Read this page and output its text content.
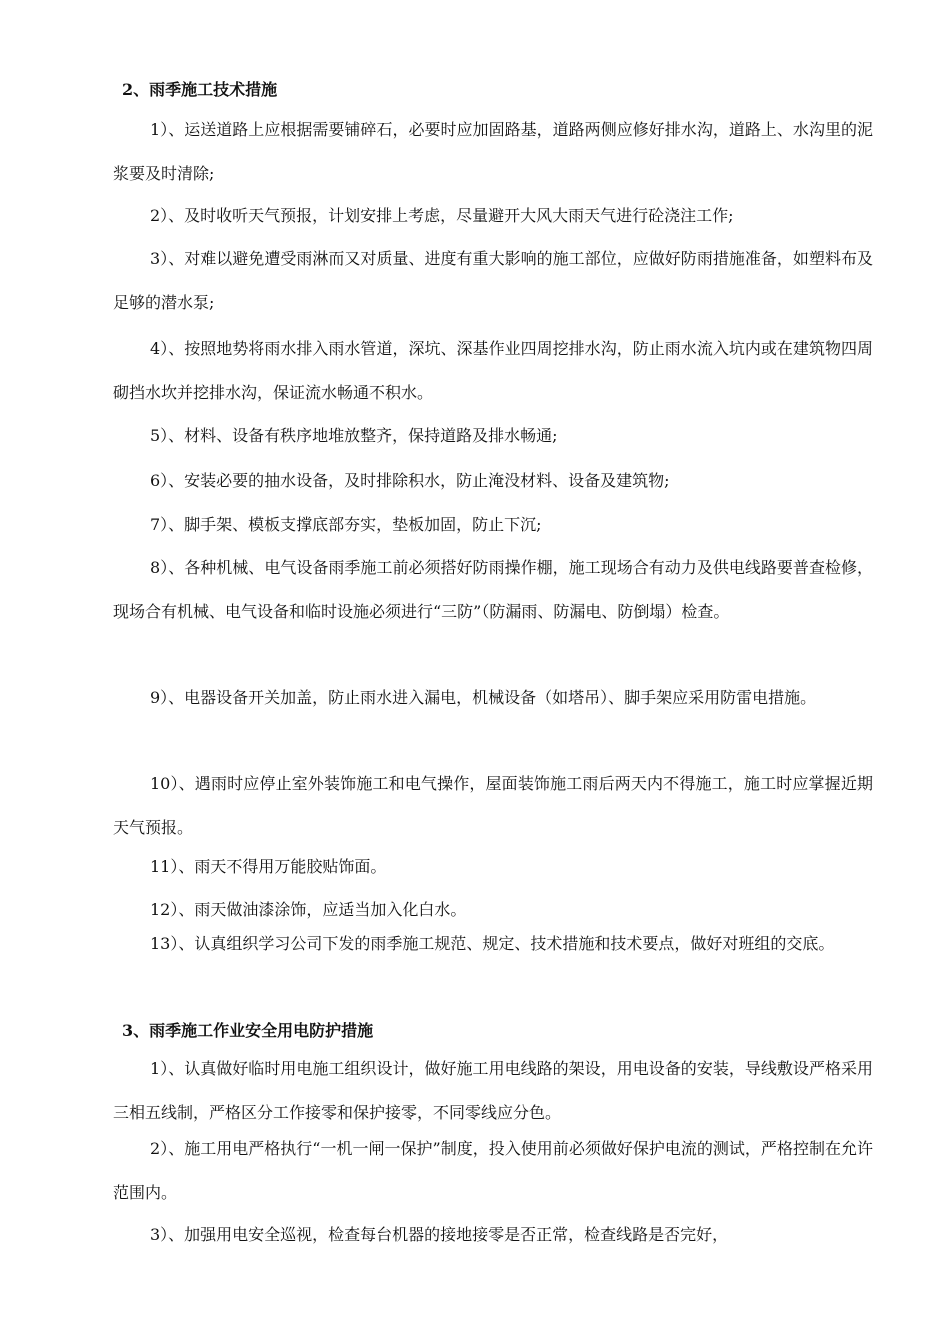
2、雨季施工技术措施

1）、运送道路上应根据需要铺碎石，必要时应加固路基，道路两侧应修好排水沟，道路上、水沟里的泥浆要及时清除;

2）、及时收听天气预报，计划安排上考虑，尽量避开大风大雨天气进行砼浇注工作;

3）、对难以避免遭受雨淋而又对质量、进度有重大影响的施工部位，应做好防雨措施准备，如塑料布及足够的潜水泵;

4）、按照地势将雨水排入雨水管道，深坑、深基作业四周挖排水沟，防止雨水流入坑内或在建筑物四周砌挡水坎并挖排水沟，保证流水畅通不积水。

5）、材料、设备有秩序地堆放整齐，保持道路及排水畅通;

6）、安装必要的抽水设备，及时排除积水，防止淹没材料、设备及建筑物;

7）、脚手架、模板支撑底部夯实，垫板加固，防止下沉;

8）、各种机械、电气设备雨季施工前必须搭好防雨操作棚，施工现场合有动力及供电线路要普查检修，现场合有机械、电气设备和临时设施必须进行“三防”（防漏雨、防漏电、防倒塌）检查。

9）、电器设备开关加盖，防止雨水进入漏电，机械设备（如塔吊）、脚手架应采用防雷电措施。

10）、遇雨时应停止室外装饰施工和电气操作，屋面装饰施工雨后两天内不得施工，施工时应掌握近期天气预报。

11）、雨天不得用万能胶贴饰面。

12）、雨天做油漆涂饰，应适当加入化白水。

13）、认真组织学习公司下发的雨季施工规范、规定、技术措施和技术要点，做好对班组的交底。

3、雨季施工作业安全用电防护措施

1）、认真做好临时用电施工组织设计，做好施工用电线路的架设，用电设备的安装，导线敷设严格采用三相五线制，严格区分工作接零和保护接零，不同零线应分色。

2）、施工用电严格执行“一机一闸一保护”制度，投入使用前必须做好保护电流的测试，严格控制在允许范围内。

3）、加强用电安全巡视，检查每台机器的接地接零是否正常，检查线路是否完好，
